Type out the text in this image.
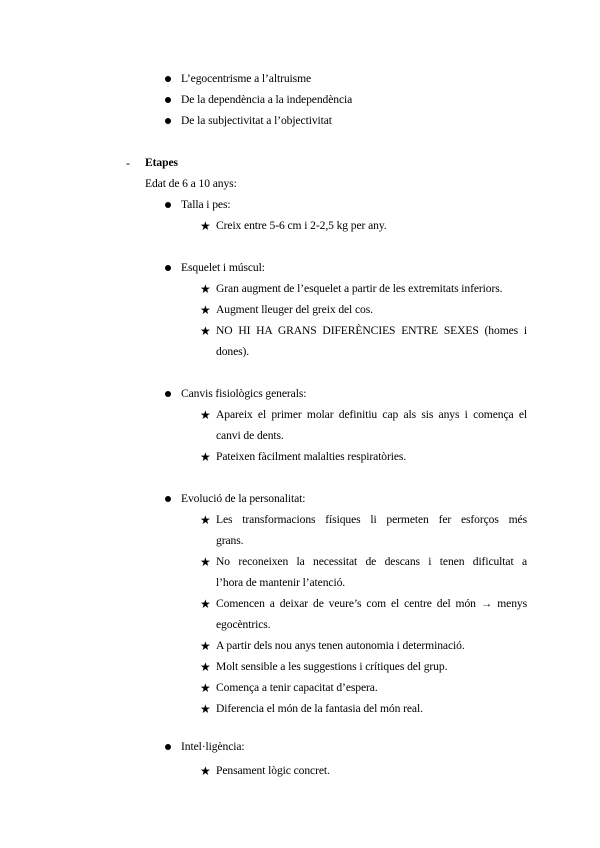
L’egocentrisme a l’altruisme
De la dependència a la independència
De la subjectivitat a l’objectivitat
- Etapes
Edat de 6 a 10 anys:
Talla i pes:
★ Creix entre 5-6 cm i 2-2,5 kg per any.
Esquelet i múscul:
★ Gran augment de l’esquelet a partir de les extremitats inferiors.
★ Augment lleuger del greix del cos.
★ NO HI HA GRANS DIFERÈNCIES ENTRE SEXES (homes i
dones).
Canvis fisiològics generals:
★ Apareix el primer molar definitiu cap als sis anys i comença el
canvi de dents.
★ Pateixen fàcilment malalties respiratòries.
Evolució de la personalitat:
★ Les transformacions físiques li permeten fer esforços més
grans.
★ No reconeixen la necessitat de descans i tenen dificultat a
l’hora de mantenir l’atenció.
★ Comencen a deixar de veure’s com el centre del món → menys
egocèntrics.
★ A partir dels nou anys tenen autonomia i determinació.
★ Molt sensible a les suggestions i crítiques del grup.
★ Comença a tenir capacitat d’espera.
★ Diferencia el món de la fantasia del món real.
Intel·ligència:
★ Pensament lògic concret.
